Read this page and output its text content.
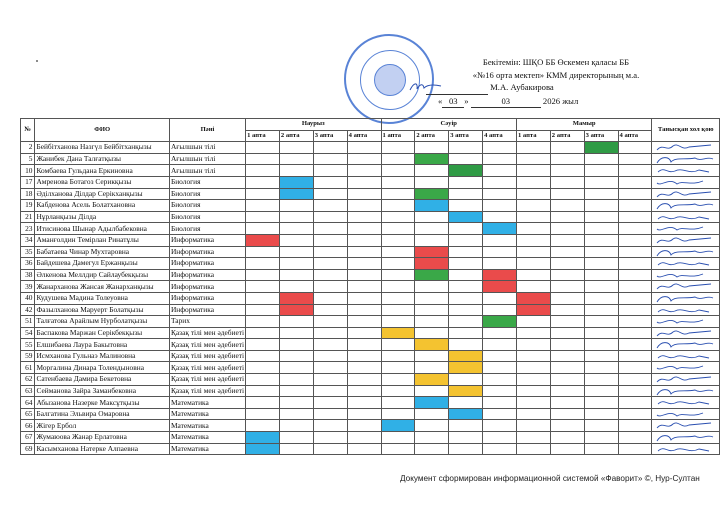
Бекітемін: ШҚО ББ Өскемен қаласы ББ
«№16 орта мектеп» КММ директорының м.а.
М.А. Аубакирова
« 03 »	03	2026 жыл
№	ФИО	Пәні	Наурыз				Сәуір				Мамыр				Танысқан хол қою
			1 апта	2 апта	3 апта	4 апта	1 апта	2 апта	3 апта	4 апта	1 апта	2 апта	3 апта	4 апта	
2	Бейбітханова Назгүл Бейбітханқызы	Ағылшын тілі													

5	Жанибек Дана Талғатқызы	Ағылшын тілі													

10	Комбаева Гульдана Еркиновна	Ағылшын тілі													

17	Амренова Ботагоз Серикқызы	Биология													

18	Әділханова Ділдар Серікханқызы	Биология													

19	Кабденова Асель Болатхановна	Биология													

21	Нұрланқызы Ділда	Биология													

23	Итисинова Шынар Адылбабековна	Биология													

34	Аманғолдин Темірлан Ринатұлы	Информатика													

35	Бабатаева Чинар Мухтаровна	Информатика													

36	Байдешева Дамегул Ержанқызы	Информатика													

38	Әлкенова Меллдир Сайлаубекқызы	Информатика													

39	Жанарханова Жансая Жанарханқызы	Информатика													

40	Кудушева Мадина Толеуовна	Информатика													

42	Фазылханова Маруерт Болатқызы	Информатика													

51	Талғатова Арайлым Нурболатқызы	Тарих													

54	Баспакова Маржан Серікбекқызы	Қазақ тілі мен әдебиеті													

55	Елшибаева Лаура Бакытовна	Қазақ тілі мен әдебиеті													

59	Исмханова Гульнаэ Малиновна	Қазақ тілі мен әдебиеті													

61	Моргалина Динара Толендыновна	Қазақ тілі мен әдебиеті													

62	Сатенбаева Дамира Бекетовна	Қазақ тілі мен әдебиеті													

63	Сейманова Зайра Заманбековна	Қазақ тілі мен әдебиеті													

64	Абызанова Назерке Максұтқызы	Математика													

65	Балгатина Эльвира Омаровна	Математика													

66	Жігер Ербол	Математика													

67	Жумаюова Жанар Ерлатовна	Математика													

69	Касымханова Натерке Алпаевна	Математика													
Документ сформирован информационной системой «Фаворит» ©, Нур-Султан
